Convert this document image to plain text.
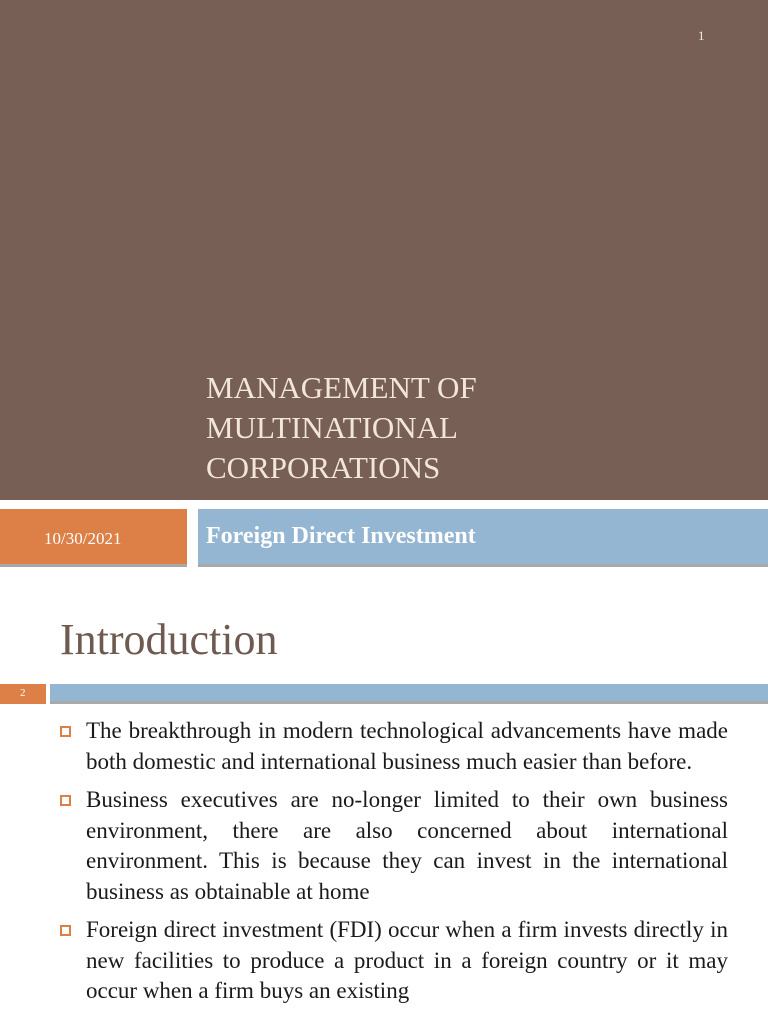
1
MANAGEMENT OF
MULTINATIONAL
CORPORATIONS
10/30/2021	Foreign Direct Investment
Introduction
2
The breakthrough in modern technological advancements have made both domestic and international business much easier than before.
Business executives are no-longer limited to their own business environment, there are also concerned about international environment. This is because they can invest in the international business as obtainable at home
Foreign direct investment (FDI) occur when a firm invests directly in new facilities to produce a product in a foreign country or it may occur when a firm buys an existing
